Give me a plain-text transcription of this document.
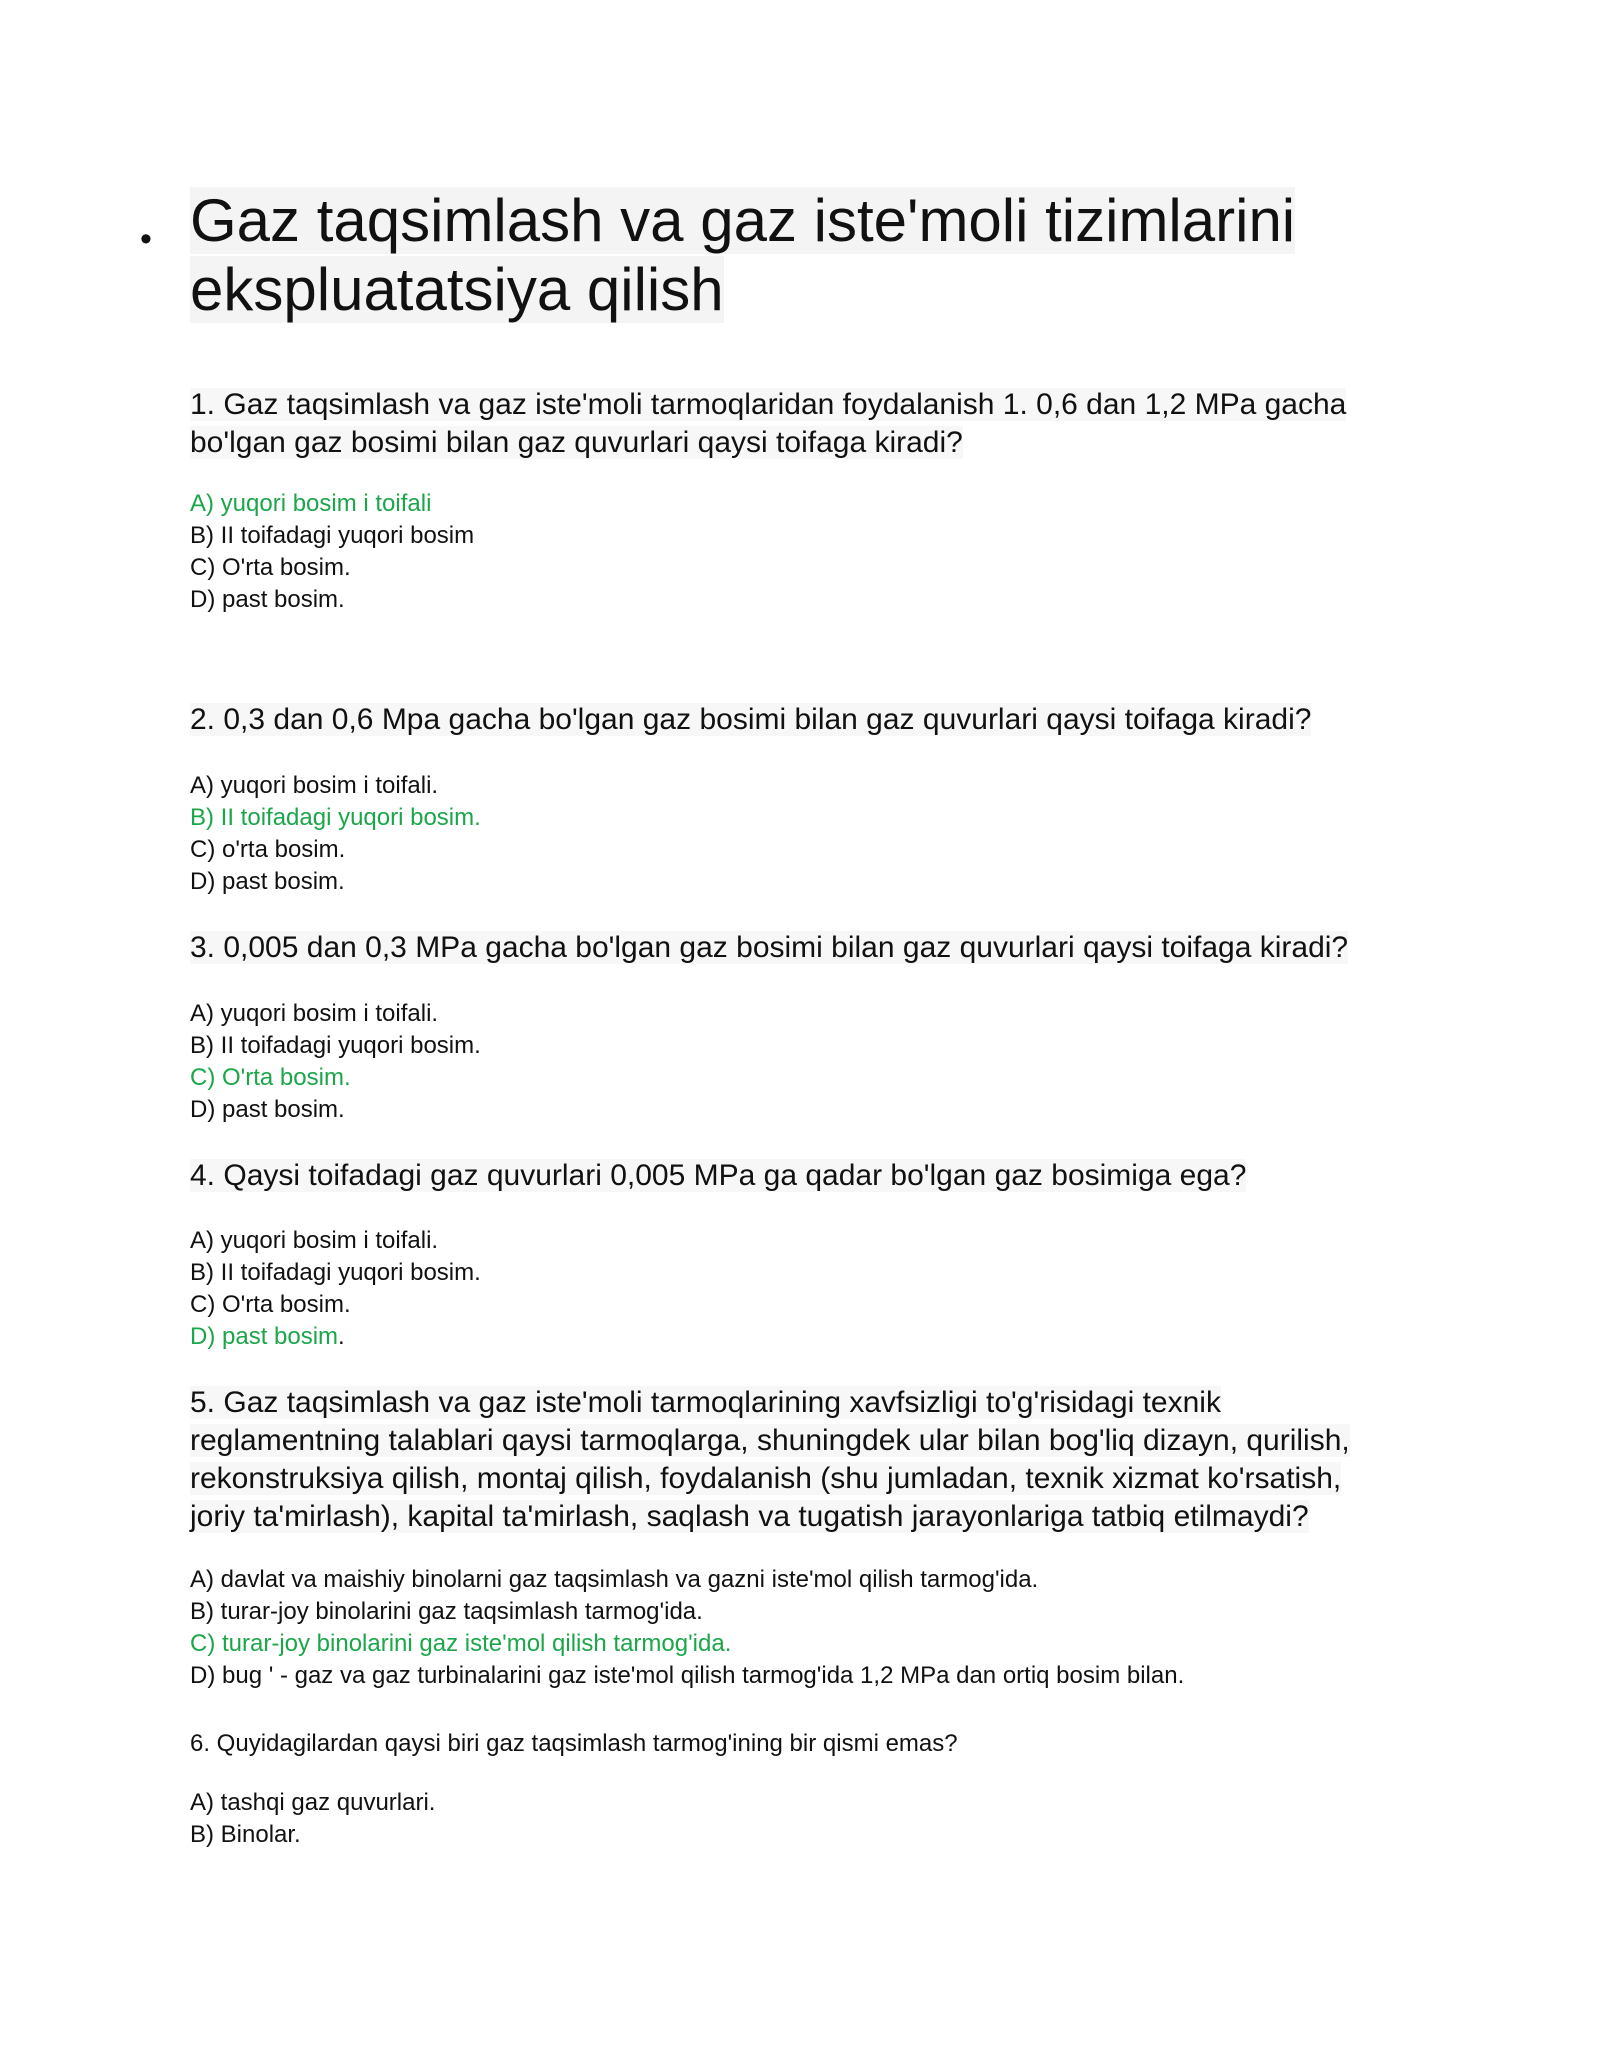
• Gaz taqsimlash va gaz iste'moli tizimlarini
ekspluatatsiya qilish

1. Gaz taqsimlash va gaz iste'moli tarmoqlaridan foydalanish 1. 0,6 dan 1,2 MPa gacha
bo'lgan gaz bosimi bilan gaz quvurlari qaysi toifaga kiradi?

A) yuqori bosim i toifali
B) II toifadagi yuqori bosim
C) O'rta bosim.
D) past bosim.

2. 0,3 dan 0,6 Mpa gacha bo'lgan gaz bosimi bilan gaz quvurlari qaysi toifaga kiradi?

A) yuqori bosim i toifali.
B) II toifadagi yuqori bosim.
C) o'rta bosim.
D) past bosim.

3. 0,005 dan 0,3 MPa gacha bo'lgan gaz bosimi bilan gaz quvurlari qaysi toifaga kiradi?

A) yuqori bosim i toifali.
B) II toifadagi yuqori bosim.
C) O'rta bosim.
D) past bosim.

4. Qaysi toifadagi gaz quvurlari 0,005 MPa ga qadar bo'lgan gaz bosimiga ega?

A) yuqori bosim i toifali.
B) II toifadagi yuqori bosim.
C) O'rta bosim.
D) past bosim.

5. Gaz taqsimlash va gaz iste'moli tarmoqlarining xavfsizligi to'g'risidagi texnik
reglamentning talablari qaysi tarmoqlarga, shuningdek ular bilan bog'liq dizayn, qurilish,
rekonstruksiya qilish, montaj qilish, foydalanish (shu jumladan, texnik xizmat ko'rsatish,
joriy ta'mirlash), kapital ta'mirlash, saqlash va tugatish jarayonlariga tatbiq etilmaydi?

A) davlat va maishiy binolarni gaz taqsimlash va gazni iste'mol qilish tarmog'ida.
B) turar-joy binolarini gaz taqsimlash tarmog'ida.
C) turar-joy binolarini gaz iste'mol qilish tarmog'ida.
D) bug ' - gaz va gaz turbinalarini gaz iste'mol qilish tarmog'ida 1,2 MPa dan ortiq bosim bilan.

6. Quyidagilardan qaysi biri gaz taqsimlash tarmog'ining bir qismi emas?

A) tashqi gaz quvurlari.
B) Binolar.
